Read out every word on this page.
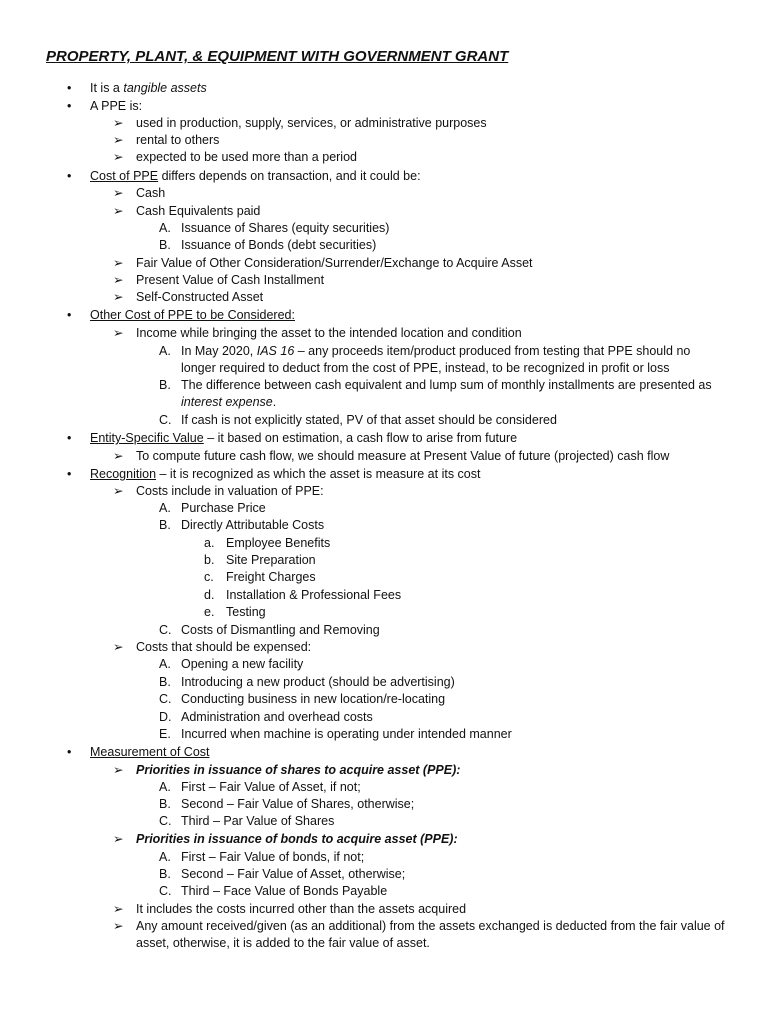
PROPERTY, PLANT, & EQUIPMENT WITH GOVERNMENT GRANT
• It is a tangible assets
• A PPE is:
➢ used in production, supply, services, or administrative purposes
➢ rental to others
➢ expected to be used more than a period
• Cost of PPE differs depends on transaction, and it could be:
➢ Cash
➢ Cash Equivalents paid
A. Issuance of Shares (equity securities)
B. Issuance of Bonds (debt securities)
➢ Fair Value of Other Consideration/Surrender/Exchange to Acquire Asset
➢ Present Value of Cash Installment
➢ Self-Constructed Asset
• Other Cost of PPE to be Considered:
➢ Income while bringing the asset to the intended location and condition
A. In May 2020, IAS 16 – any proceeds item/product produced from testing that PPE should no longer required to deduct from the cost of PPE, instead, to be recognized in profit or loss
B. The difference between cash equivalent and lump sum of monthly installments are presented as interest expense.
C. If cash is not explicitly stated, PV of that asset should be considered
• Entity-Specific Value – it based on estimation, a cash flow to arise from future
➢ To compute future cash flow, we should measure at Present Value of future (projected) cash flow
• Recognition – it is recognized as which the asset is measure at its cost
➢ Costs include in valuation of PPE:
A. Purchase Price
B. Directly Attributable Costs
a. Employee Benefits
b. Site Preparation
c. Freight Charges
d. Installation & Professional Fees
e. Testing
C. Costs of Dismantling and Removing
➢ Costs that should be expensed:
A. Opening a new facility
B. Introducing a new product (should be advertising)
C. Conducting business in new location/re-locating
D. Administration and overhead costs
E. Incurred when machine is operating under intended manner
• Measurement of Cost
➢ Priorities in issuance of shares to acquire asset (PPE):
A. First – Fair Value of Asset, if not;
B. Second – Fair Value of Shares, otherwise;
C. Third – Par Value of Shares
➢ Priorities in issuance of bonds to acquire asset (PPE):
A. First – Fair Value of bonds, if not;
B. Second – Fair Value of Asset, otherwise;
C. Third – Face Value of Bonds Payable
➢ It includes the costs incurred other than the assets acquired
➢ Any amount received/given (as an additional) from the assets exchanged is deducted from the fair value of asset, otherwise, it is added to the fair value of asset.
